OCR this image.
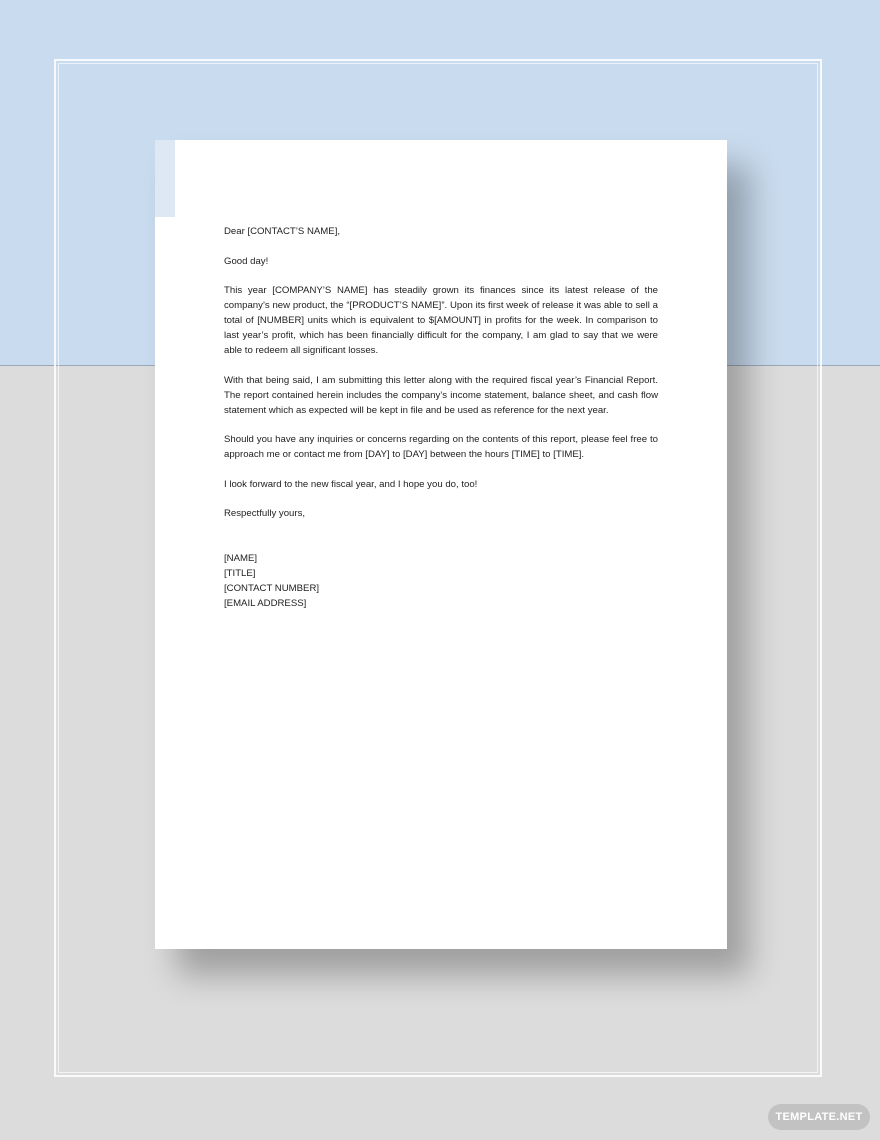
Dear [CONTACT’S NAME],

Good day!

This year [COMPANY’S NAME] has steadily grown its finances since its latest release of the company’s new product, the “[PRODUCT’S NAME]”. Upon its first week of release it was able to sell a total of [NUMBER] units which is equivalent to $[AMOUNT] in profits for the week. In comparison to last year’s profit, which has been financially difficult for the company, I am glad to say that we were able to redeem all significant losses.

With that being said, I am submitting this letter along with the required fiscal year’s Financial Report. The report contained herein includes the company’s income statement, balance sheet, and cash flow statement which as expected will be kept in file and be used as reference for the next year.

Should you have any inquiries or concerns regarding on the contents of this report, please feel free to approach me or contact me from [DAY] to [DAY] between the hours [TIME] to [TIME].

I look forward to the new fiscal year, and I hope you do, too!

Respectfully yours,

[NAME]
[TITLE]
[CONTACT NUMBER]
[EMAIL ADDRESS]
TEMPLATE.NET
